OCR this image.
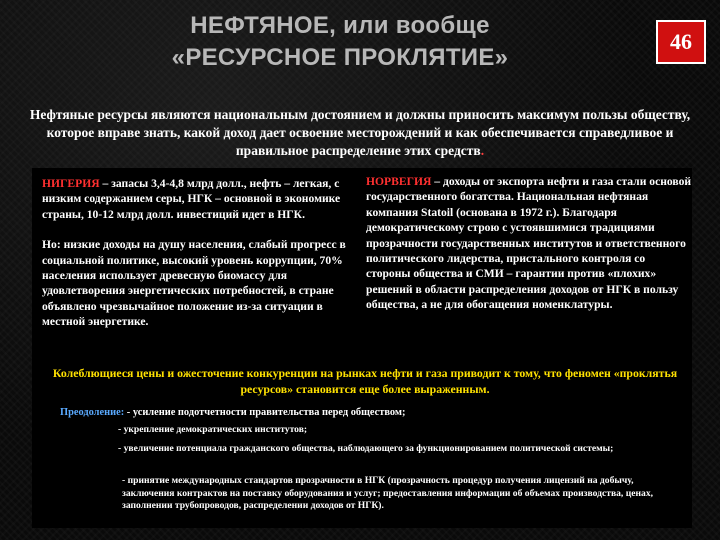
НЕФТЯНОЕ, или вообще
«РЕСУРСНОЕ ПРОКЛЯТИЕ»
46
Нефтяные ресурсы являются национальным достоянием и должны приносить максимум пользы обществу, которое вправе знать, какой доход дает освоение месторождений и как обеспечивается справедливое и правильное распределение этих средств.

НИГЕРИЯ – запасы 3,4-4,8 млрд долл., нефть – легкая, с низким содержанием серы, НГК – основной в экономике страны, 10-12 млрд долл. инвестиций идет в НГК.

Но: низкие доходы на душу населения, слабый прогресс в социальной политике, высокий уровень коррупции, 70% населения использует древесную биомассу для удовлетворения энергетических потребностей, в стране объявлено чрезвычайное положение из-за ситуации в местной энергетике.

НОРВЕГИЯ – доходы от экспорта нефти и газа стали основой государственного богатства. Национальная нефтяная компания Statoil (основана в 1972 г.). Благодаря демократическому строю с устоявшимися традициями прозрачности государственных институтов и ответственного политического лидерства, пристального контроля со стороны общества и СМИ – гарантии против «плохих» решений в области распределения доходов от НГК в пользу общества, а не для обогащения номенклатуры.

Колеблющиеся цены и ожесточение конкуренции на рынках нефти и газа приводит к тому, что феномен «проклятья ресурсов» становится еще более выраженным.
Преодоление: - усиление подотчетности правительства перед обществом;
- укрепление демократических институтов;
- увеличение потенциала гражданского общества, наблюдающего за функционированием политической системы;
- принятие международных стандартов прозрачности в НГК (прозрачность процедур получения лицензий на добычу, заключения контрактов на поставку оборудования и услуг; предоставления информации об объемах производства, ценах, заполнении трубопроводов, распределении доходов от НГК).
